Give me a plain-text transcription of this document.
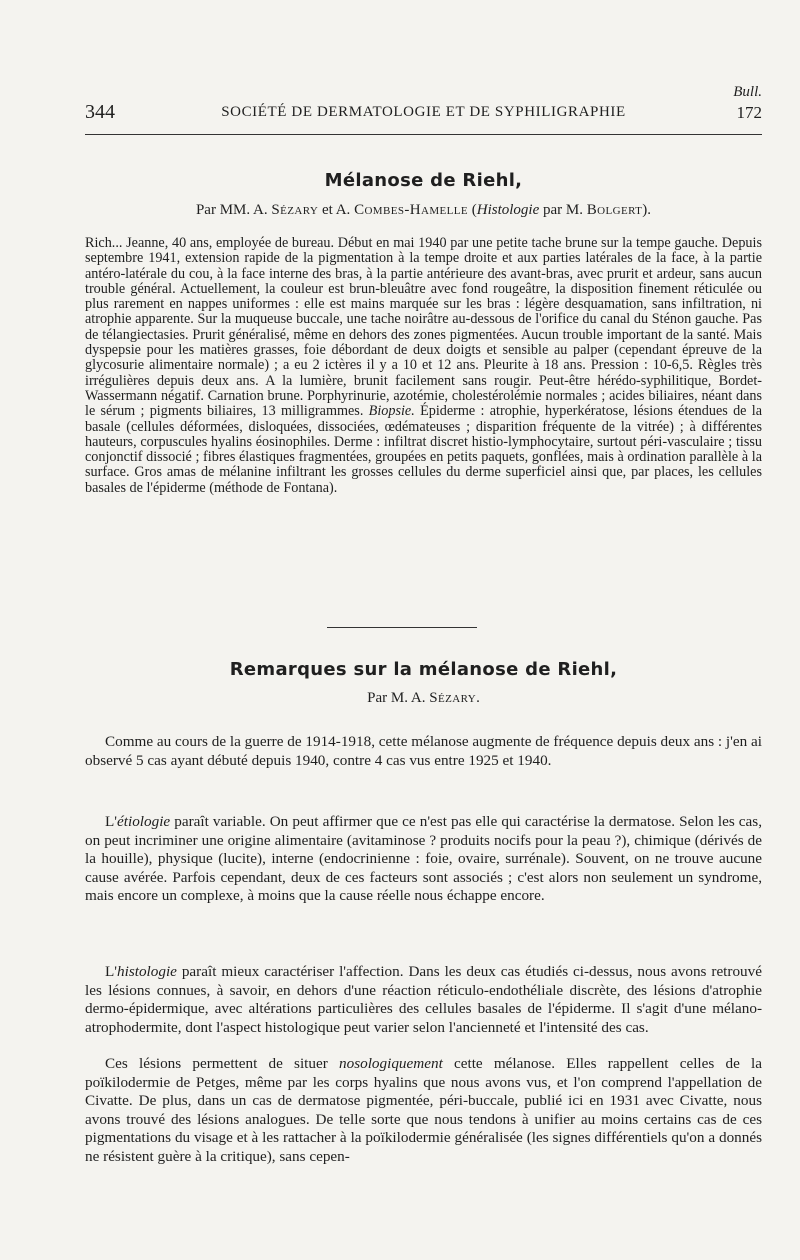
Bull.
344	SOCIÉTÉ DE DERMATOLOGIE ET DE SYPHILIGRAPHIE	172
Mélanose de Riehl,
Par MM. A. Sézary et A. Combes-Hamelle (Histologie par M. Bolgert).

Rich... Jeanne, 40 ans, employée de bureau. Début en mai 1940 par une petite tache brune sur la tempe gauche. Depuis septembre 1941, extension rapide de la pigmentation à la tempe droite et aux parties latérales de la face, à la partie antéro-latérale du cou, à la face interne des bras, à la partie antérieure des avant-bras, avec prurit et ardeur, sans aucun trouble général. Actuellement, la couleur est brun-bleuâtre avec fond rougeâtre, la disposition finement réticulée ou plus rarement en nappes uniformes : elle est mains marquée sur les bras : légère desquamation, sans infiltration, ni atrophie apparente. Sur la muqueuse buccale, une tache noirâtre au-dessous de l'orifice du canal du Sténon gauche. Pas de télangiectasies. Prurit généralisé, même en dehors des zones pigmentées. Aucun trouble important de la santé. Mais dyspepsie pour les matières grasses, foie débordant de deux doigts et sensible au palper (cependant épreuve de la glycosurie alimentaire normale) ; a eu 2 ictères il y a 10 et 12 ans. Pleurite à 18 ans. Pression : 10-6,5. Règles très irrégulières depuis deux ans. A la lumière, brunit facilement sans rougir. Peut-être hérédo-syphilitique, Bordet-Wassermann négatif. Carnation brune. Porphyrinurie, azotémie, cholestérolémie normales ; acides biliaires, néant dans le sérum ; pigments biliaires, 13 milligrammes. Biopsie. Épiderme : atrophie, hyperkératose, lésions étendues de la basale (cellules déformées, disloquées, dissociées, œdémateuses ; disparition fréquente de la vitrée) ; à différentes hauteurs, corpuscules hyalins éosinophiles. Derme : infiltrat discret histio-lymphocytaire, surtout péri-vasculaire ; tissu conjonctif dissocié ; fibres élastiques fragmentées, groupées en petits paquets, gonflées, mais à ordination parallèle à la surface. Gros amas de mélanine infiltrant les grosses cellules du derme superficiel ainsi que, par places, les cellules basales de l'épiderme (méthode de Fontana).

Remarques sur la mélanose de Riehl,
Par M. A. Sézary.

Comme au cours de la guerre de 1914-1918, cette mélanose augmente de fréquence depuis deux ans : j'en ai observé 5 cas ayant débuté depuis 1940, contre 4 cas vus entre 1925 et 1940.

L'étiologie paraît variable. On peut affirmer que ce n'est pas elle qui caractérise la dermatose. Selon les cas, on peut incriminer une origine alimentaire (avitaminose ? produits nocifs pour la peau ?), chimique (dérivés de la houille), physique (lucite), interne (endocrinienne : foie, ovaire, surrénale). Souvent, on ne trouve aucune cause avérée. Parfois cependant, deux de ces facteurs sont associés ; c'est alors non seulement un syndrome, mais encore un complexe, à moins que la cause réelle nous échappe encore.

L'histologie paraît mieux caractériser l'affection. Dans les deux cas étudiés ci-dessus, nous avons retrouvé les lésions connues, à savoir, en dehors d'une réaction réticulo-endothéliale discrète, des lésions d'atrophie dermo-épidermique, avec altérations particulières des cellules basales de l'épiderme. Il s'agit d'une mélano-atrophodermite, dont l'aspect histologique peut varier selon l'ancienneté et l'intensité des cas.

Ces lésions permettent de situer nosologiquement cette mélanose. Elles rappellent celles de la poïkilodermie de Petges, même par les corps hyalins que nous avons vus, et l'on comprend l'appellation de Civatte. De plus, dans un cas de dermatose pigmentée, péri-buccale, publié ici en 1931 avec Civatte, nous avons trouvé des lésions analogues. De telle sorte que nous tendons à unifier au moins certains cas de ces pigmentations du visage et à les rattacher à la poïkilodermie généralisée (les signes différentiels qu'on a donnés ne résistent guère à la critique), sans cepen-
